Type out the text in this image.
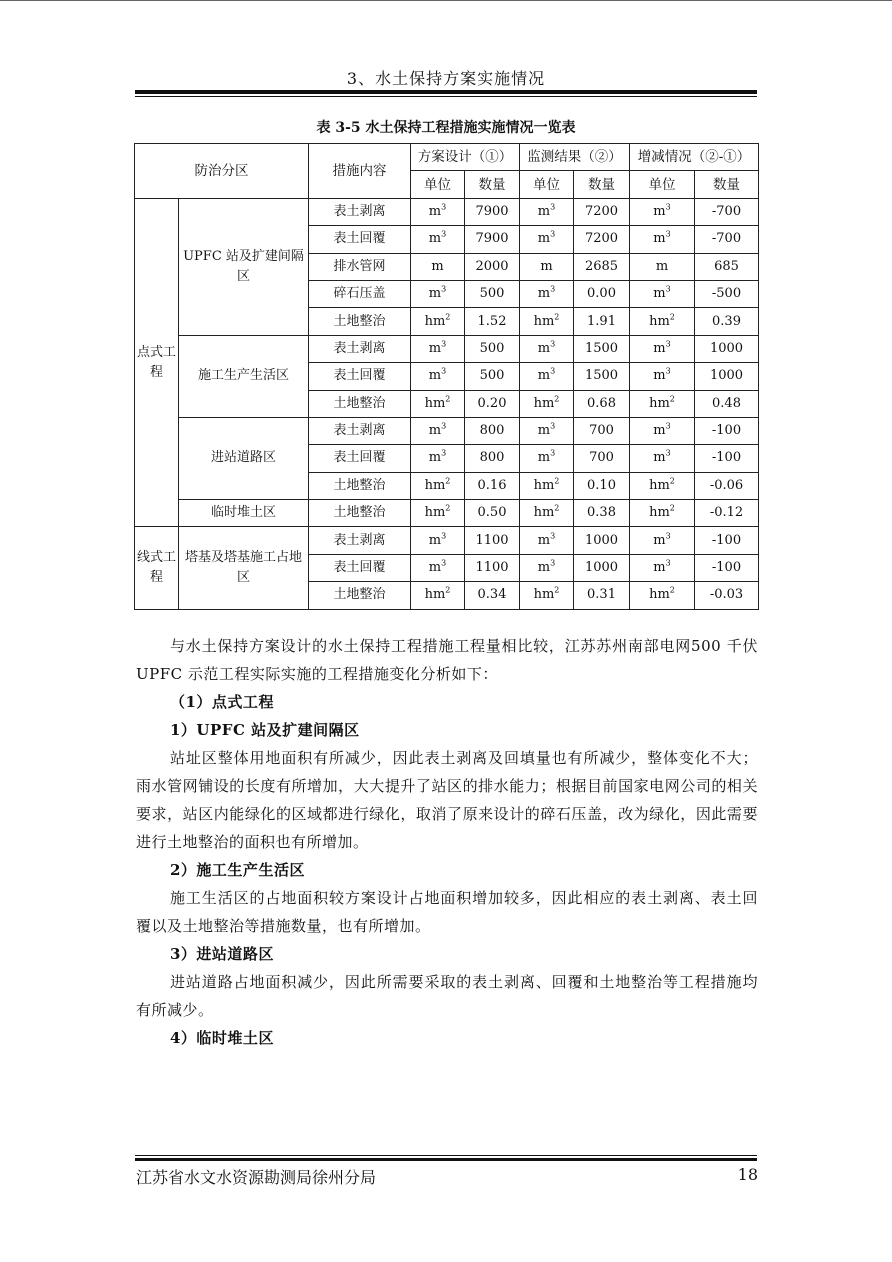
3、水土保持方案实施情况
表 3-5 水土保持工程措施实施情况一览表
防治分区		措施内容	方案设计（①）		监测结果（②）		增减情况（②-①）	
			单位	数量	单位	数量	单位	数量
点式工程	UPFC 站及扩建间隔区	表土剥离	$m^3$	7900	$m^3$	7200	$m^3$	-700
		表土回覆	$m^3$	7900	$m^3$	7200	$m^3$	-700
		排水管网	m	2000	m	2685	m	685
		碎石压盖	$m^3$	500	$m^3$	0.00	$m^3$	-500
		土地整治	$hm^2$	1.52	$hm^2$	1.91	$hm^2$	0.39
	施工生产生活区	表土剥离	$m^3$	500	$m^3$	1500	$m^3$	1000
		表土回覆	$m^3$	500	$m^3$	1500	$m^3$	1000
		土地整治	$hm^2$	0.20	$hm^2$	0.68	$hm^2$	0.48
	进站道路区	表土剥离	$m^3$	800	$m^3$	700	$m^3$	-100
		表土回覆	$m^3$	800	$m^3$	700	$m^3$	-100
		土地整治	$hm^2$	0.16	$hm^2$	0.10	$hm^2$	-0.06
	临时堆土区	土地整治	$hm^2$	0.50	$hm^2$	0.38	$hm^2$	-0.12
线式工程	塔基及塔基施工占地区	表土剥离	$m^3$	1100	$m^3$	1000	$m^3$	-100
		表土回覆	$m^3$	1100	$m^3$	1000	$m^3$	-100
		土地整治	$hm^2$	0.34	$hm^2$	0.31	$hm^2$	-0.03

与水土保持方案设计的水土保持工程措施工程量相比较，江苏苏州南部电网500 千伏 UPFC 示范工程实际实施的工程措施变化分析如下：

（1）点式工程

1）UPFC 站及扩建间隔区

站址区整体用地面积有所减少，因此表土剥离及回填量也有所减少，整体变化不大；雨水管网铺设的长度有所增加，大大提升了站区的排水能力；根据目前国家电网公司的相关要求，站区内能绿化的区域都进行绿化，取消了原来设计的碎石压盖，改为绿化，因此需要进行土地整治的面积也有所增加。

2）施工生产生活区

施工生活区的占地面积较方案设计占地面积增加较多，因此相应的表土剥离、表土回覆以及土地整治等措施数量，也有所增加。

3）进站道路区

进站道路占地面积减少，因此所需要采取的表土剥离、回覆和土地整治等工程措施均有所减少。

4）临时堆土区

江苏省水文水资源勘测局徐州分局	18
